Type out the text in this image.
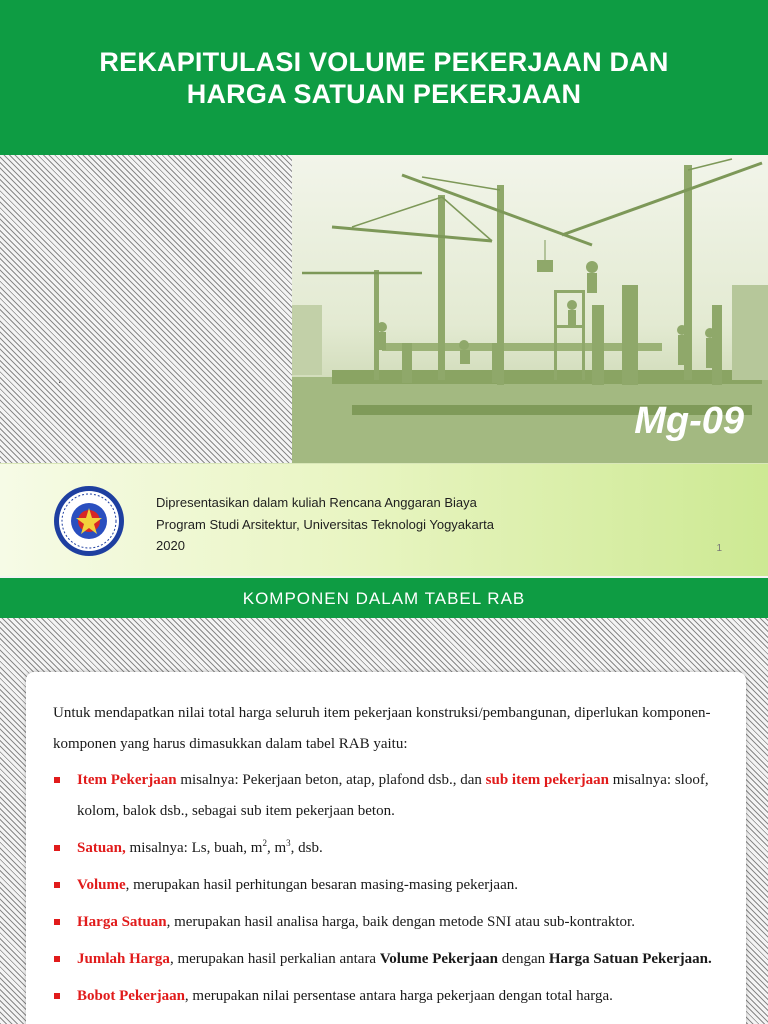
REKAPITULASI VOLUME PEKERJAAN DAN
HARGA SATUAN PEKERJAAN
.
Mg-09
Dipresentasikan dalam kuliah Rencana Anggaran Biaya
Program Studi Arsitektur, Universitas Teknologi Yogyakarta
2020	1
KOMPONEN DALAM TABEL RAB

Untuk mendapatkan nilai total harga seluruh item pekerjaan konstruksi/pembangunan, diperlukan komponen-komponen yang harus dimasukkan dalam tabel RAB yaitu:

Item Pekerjaan misalnya: Pekerjaan beton, atap, plafond dsb., dan sub item pekerjaan misalnya: sloof, kolom, balok dsb., sebagai sub item pekerjaan beton.
Satuan, misalnya: Ls, buah, $m^2$, $m^3$, dsb.
Volume, merupakan hasil perhitungan besaran masing-masing pekerjaan.
Harga Satuan, merupakan hasil analisa harga, baik dengan metode SNI atau sub-kontraktor.
Jumlah Harga, merupakan hasil perkalian antara Volume Pekerjaan dengan Harga Satuan Pekerjaan.
Bobot Pekerjaan, merupakan nilai persentase antara harga pekerjaan dengan total harga.
